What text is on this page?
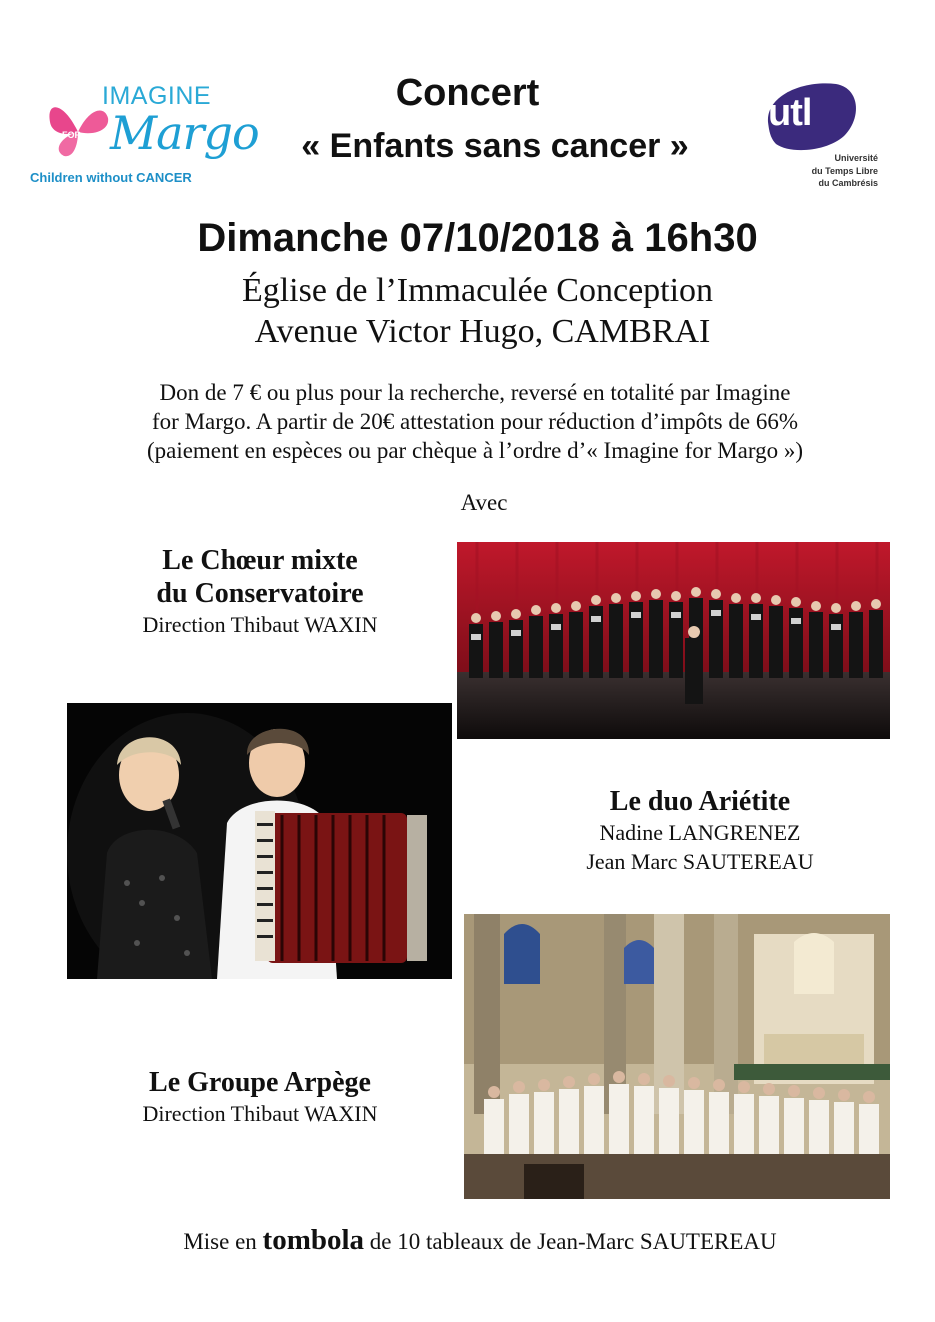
IMAGINE
FOR Margo
Children without CANCER
Concert
« Enfants sans cancer »
utl
Université
du Temps Libre
du Cambrésis
Dimanche 07/10/2018 à 16h30
Église de l’Immaculée Conception
Avenue Victor Hugo, CAMBRAI
Don de 7 € ou plus pour la recherche, reversé en totalité par Imagine
for Margo. A partir de 20€ attestation pour réduction d’impôts de 66%
(paiement en espèces ou par chèque à l’ordre d’« Imagine for Margo »)
Avec
Le Chœur mixte
du Conservatoire
Direction Thibaut WAXIN
Le duo Ariétite
Nadine LANGRENEZ
Jean Marc SAUTEREAU
Le Groupe Arpège
Direction Thibaut WAXIN
Mise en tombola de 10 tableaux de Jean-Marc SAUTEREAU
